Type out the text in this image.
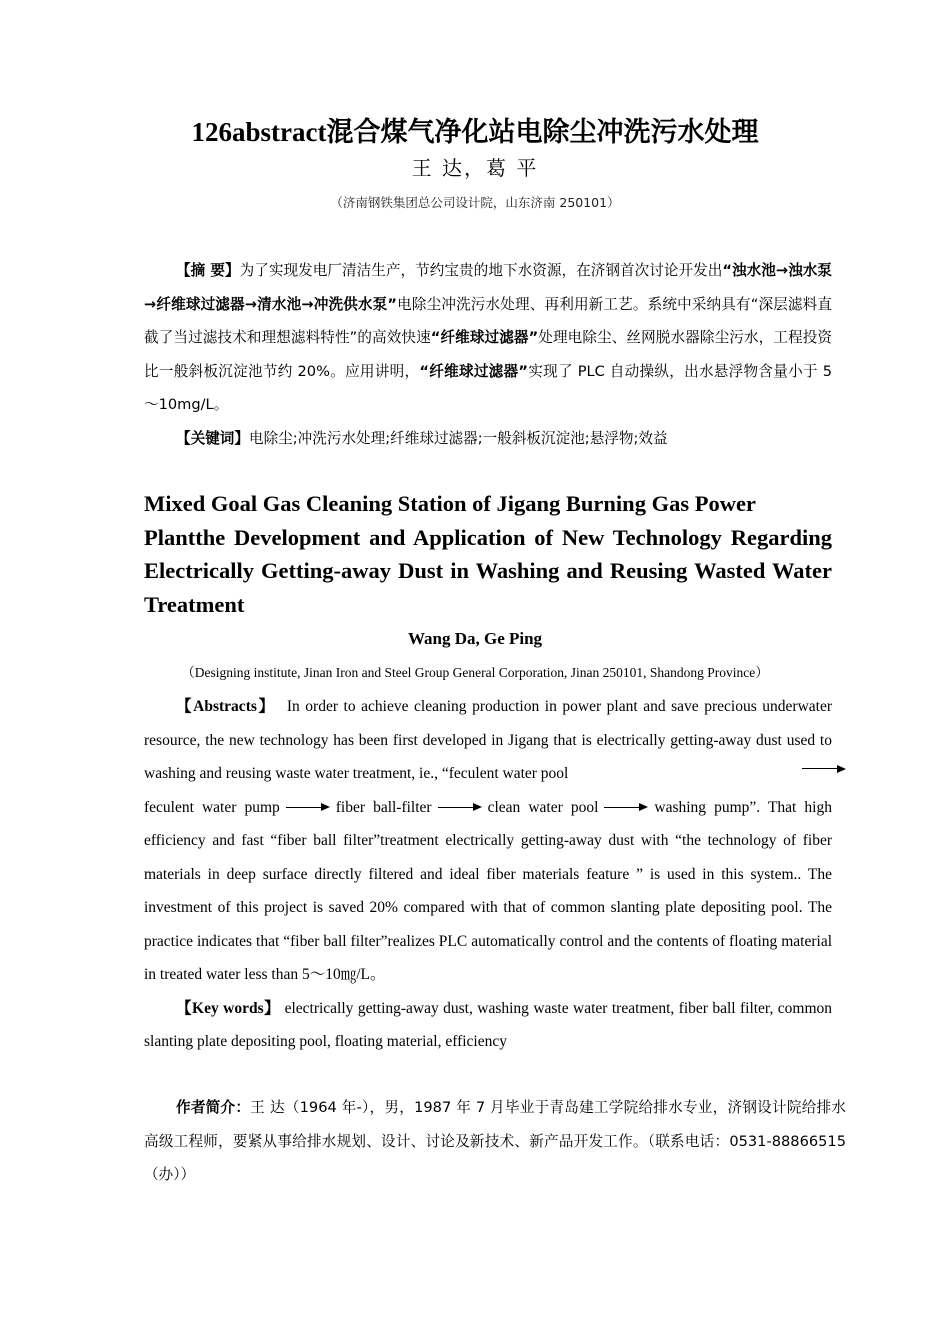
126abstract混合煤气净化站电除尘冲洗污水处理
王 达，葛 平
（济南钢铁集团总公司设计院，山东济南 250101）

【摘 要】为了实现发电厂清洁生产，节约宝贵的地下水资源，在济钢首次讨论开发出“浊水池→浊水泵→纤维球过滤器→清水池→冲洗供水泵”电除尘冲洗污水处理、再利用新工艺。系统中采纳具有“深层滤料直截了当过滤技术和理想滤料特性”的高效快速“纤维球过滤器”处理电除尘、丝网脱水器除尘污水，工程投资比一般斜板沉淀池节约 20%。应用讲明，“纤维球过滤器”实现了 PLC 自动操纵，出水悬浮物含量小于 5～10mg/L。

【关键词】电除尘;冲洗污水处理;纤维球过滤器;一般斜板沉淀池;悬浮物;效益

Mixed Goal Gas Cleaning Station of Jigang Burning Gas Power
Plantthe Development and Application of New Technology Regarding Electrically Getting-away Dust in Washing and Reusing Wasted Water Treatment
Wang Da, Ge Ping
（Designing institute, Jinan Iron and Steel Group General Corporation, Jinan 250101, Shandong Province）

【Abstracts】 In order to achieve cleaning production in power plant and save precious underwater resource, the new technology has been first developed in Jigang that is electrically getting-away dust used to washing and reusing waste water treatment, ie., “feculent water pool
feculent water pump	fiber ball-filter	clean water pool	washing pump”. That high efficiency and fast “fiber ball filter”treatment electrically getting-away dust with “the technology of fiber materials in deep surface directly filtered and ideal fiber materials feature ” is used in this system.. The investment of this project is saved 20% compared with that of common slanting plate depositing pool. The practice indicates that “fiber ball filter”realizes PLC automatically control and the contents of floating material in treated water less than 5～10㎎/L。

【Key words】 electrically getting-away dust, washing waste water treatment, fiber ball filter, common slanting plate depositing pool, floating material, efficiency

作者简介：王 达（1964 年-），男，1987 年 7 月毕业于青岛建工学院给排水专业，济钢设计院给排水高级工程师，要紧从事给排水规划、设计、讨论及新技术、新产品开发工作。（联系电话：0531-88866515（办））
